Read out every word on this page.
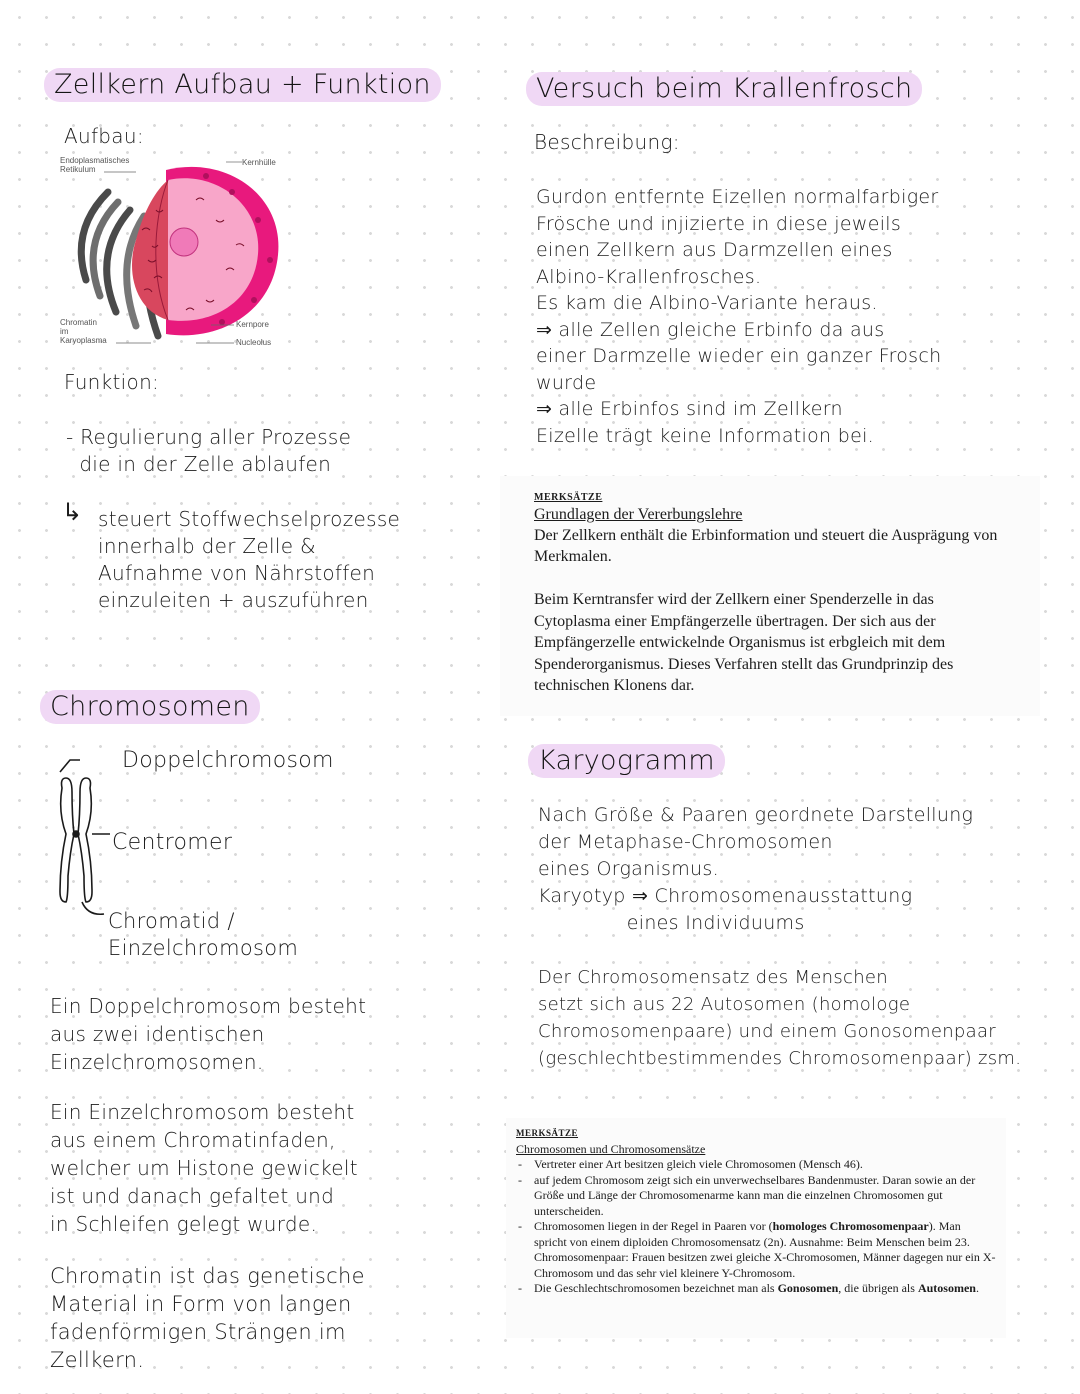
Zellkern Aufbau + Funktion
Aufbau:
Endoplasmatisches
Retikulum
Kernhülle
Chromatin
im
Karyoplasma
Kernpore
Nucleolus
Funktion:
- Regulierung aller Prozesse
die in der Zelle ablaufen
↳ steuert Stoffwechselprozesse
innerhalb der Zelle &
Aufnahme von Nährstoffen
einzuleiten + auszuführen
Chromosomen
Doppelchromosom
Centromer
Chromatid /
Einzelchromosom
Ein Doppelchromosom besteht
aus zwei identischen
Einzelchromosomen.
Ein Einzelchromosom besteht
aus einem Chromatinfaden,
welcher um Histone gewickelt
ist und danach gefaltet und
in Schleifen gelegt wurde.
Chromatin ist das genetische
Material in Form von langen
fadenförmigen Strängen im
Zellkern.
Versuch beim Krallenfrosch
Beschreibung:
Gurdon entfernte Eizellen normalfarbiger
Frösche und injizierte in diese jeweils
einen Zellkern aus Darmzellen eines
Albino-Krallenfrosches.
Es kam die Albino-Variante heraus.
⇒ alle Zellen gleiche Erbinfo da aus
einer Darmzelle wieder ein ganzer Frosch
wurde
⇒ alle Erbinfos sind im Zellkern
Eizelle trägt keine Information bei.
MERKSÄTZE
Grundlagen der Vererbungslehre
Der Zellkern enthält die Erbinformation und steuert die Ausprägung von Merkmalen.
Beim Kerntransfer wird der Zellkern einer Spenderzelle in das Cytoplasma einer Empfängerzelle übertragen. Der sich aus der Empfängerzelle entwickelnde Organismus ist erbgleich mit dem Spenderorganismus. Dieses Verfahren stellt das Grundprinzip des technischen Klonens dar.
Karyogramm
Nach Größe & Paaren geordnete Darstellung
der Metaphase-Chromosomen
eines Organismus.
Karyotyp ⇒ Chromosomenausstattung
eines Individuums
Der Chromosomensatz des Menschen
setzt sich aus 22 Autosomen (homologe
Chromosomenpaare) und einem Gonosomenpaar
(geschlechtbestimmendes Chromosomenpaar) zsm.
MERKSÄTZE
Chromosomen und Chromosomensätze
- Vertreter einer Art besitzen gleich viele Chromosomen (Mensch 46).
- auf jedem Chromosom zeigt sich ein unverwechselbares Bandenmuster. Daran sowie an der Größe und Länge der Chromosomenarme kann man die einzelnen Chromosomen gut unterscheiden.
- Chromosomen liegen in der Regel in Paaren vor (homologes Chromosomenpaar). Man spricht von einem diploiden Chromosomensatz (2n). Ausnahme: Beim Menschen beim 23. Chromosomenpaar: Frauen besitzen zwei gleiche X-Chromosomen, Männer dagegen nur ein X-Chromosom und das sehr viel kleinere Y-Chromosom.
- Die Geschlechtschromosomen bezeichnet man als Gonosomen, die übrigen als Autosomen.
